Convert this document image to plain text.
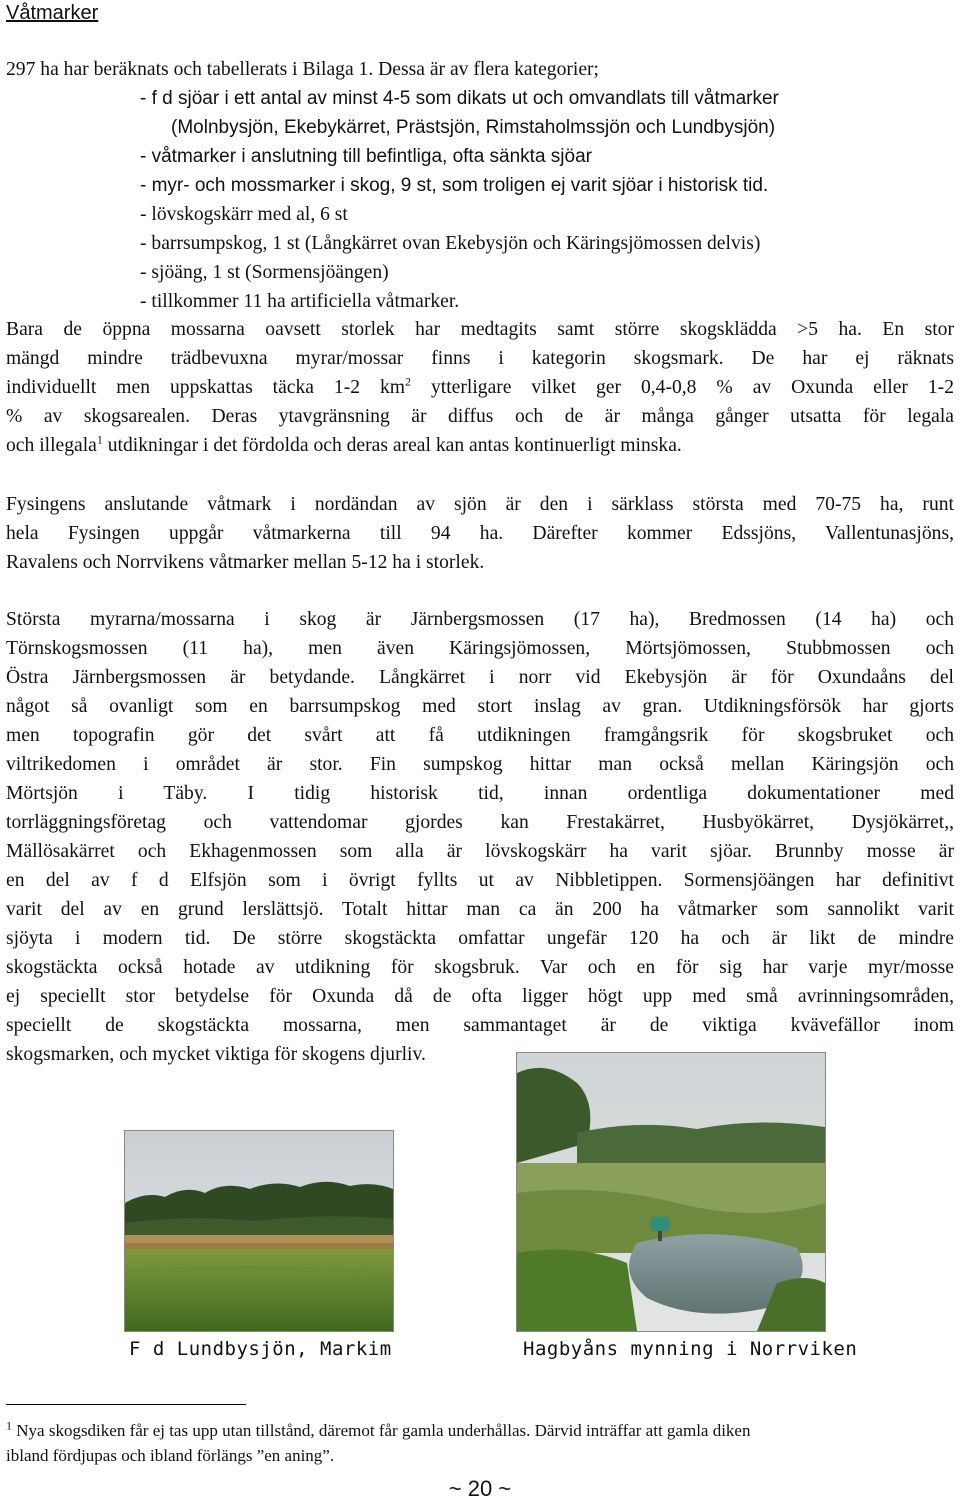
Våtmarker
297 ha har beräknats och tabellerats i Bilaga 1. Dessa är av flera kategorier;
- f d sjöar i ett antal av minst 4-5 som dikats ut och omvandlats till våtmarker
(Molnbysjön, Ekebykärret, Prästsjön, Rimstaholmssjön och Lundbysjön)
- våtmarker i anslutning till befintliga, ofta sänkta sjöar
- myr- och mossmarker i skog, 9 st, som troligen ej varit sjöar i historisk tid.
- lövskogskärr med al, 6 st
- barrsumpskog, 1 st (Långkärret ovan Ekebysjön och Käringsjömossen delvis)
- sjöäng, 1 st (Sormensjöängen)
- tillkommer 11 ha artificiella våtmarker.
Bara de öppna mossarna oavsett storlek har medtagits samt större skogsklädda >5 ha. En stor
mängd mindre trädbevuxna myrar/mossar finns i kategorin skogsmark. De har ej räknats
individuellt men uppskattas täcka 1-2 $km^2$ ytterligare vilket ger 0,4-0,8 % av Oxunda eller 1-2
% av skogsarealen. Deras ytavgränsning är diffus och de är många gånger utsatta för legala
och illegala$^1$ utdikningar i det fördolda och deras areal kan antas kontinuerligt minska.
Fysingens anslutande våtmark i nordändan av sjön är den i särklass största med 70-75 ha, runt
hela Fysingen uppgår våtmarkerna till 94 ha. Därefter kommer Edssjöns, Vallentunasjöns,
Ravalens och Norrvikens våtmarker mellan 5-12 ha i storlek.
Största myrarna/mossarna i skog är Järnbergsmossen (17 ha), Bredmossen (14 ha) och
Törnskogsmossen (11 ha), men även Käringsjömossen, Mörtsjömossen, Stubbmossen och
Östra Järnbergsmossen är betydande. Långkärret i norr vid Ekebysjön är för Oxundaåns del
något så ovanligt som en barrsumpskog med stort inslag av gran. Utdikningsförsök har gjorts
men topografin gör det svårt att få utdikningen framgångsrik för skogsbruket och
viltrikedomen i området är stor. Fin sumpskog hittar man också mellan Käringsjön och
Mörtsjön i Täby. I tidig historisk tid, innan ordentliga dokumentationer med
torrläggningsföretag och vattendomar gjordes kan Frestakärret, Husbyökärret, Dysjökärret,,
Mällösakärret och Ekhagenmossen som alla är lövskogskärr ha varit sjöar. Brunnby mosse är
en del av f d Elfsjön som i övrigt fyllts ut av Nibbletippen. Sormensjöängen har definitivt
varit del av en grund lerslättsjö. Totalt hittar man ca än 200 ha våtmarker som sannolikt varit
sjöyta i modern tid. De större skogstäckta omfattar ungefär 120 ha och är likt de mindre
skogstäckta också hotade av utdikning för skogsbruk. Var och en för sig har varje myr/mosse
ej speciellt stor betydelse för Oxunda då de ofta ligger högt upp med små avrinningsområden,
speciellt de skogstäckta mossarna, men sammantaget är de viktiga kvävefällor inom
skogsmarken, och mycket viktiga för skogens djurliv.
F d Lundbysjön, Markim	Hagbyåns mynning i Norrviken
$^1$ Nya skogsdiken får ej tas upp utan tillstånd, däremot får gamla underhållas. Därvid inträffar att gamla diken
ibland fördjupas och ibland förlängs ”en aning”.
~ 20 ~
